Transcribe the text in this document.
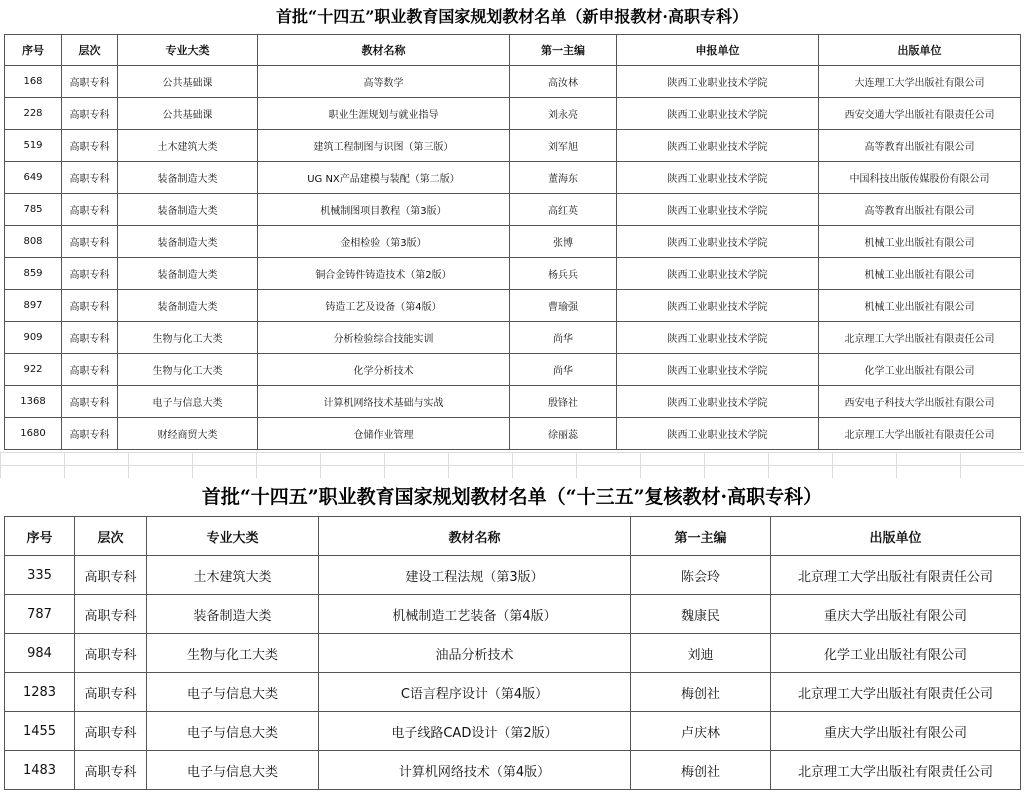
首批“十四五”职业教育国家规划教材名单（新申报教材·高职专科）
序号	层次	专业大类	教材名称	第一主编	申报单位	出版单位
168	高职专科	公共基础课	高等数学	高汝林	陕西工业职业技术学院	大连理工大学出版社有限公司
228	高职专科	公共基础课	职业生涯规划与就业指导	刘永亮	陕西工业职业技术学院	西安交通大学出版社有限责任公司
519	高职专科	土木建筑大类	建筑工程制图与识图（第三版）	刘军旭	陕西工业职业技术学院	高等教育出版社有限公司
649	高职专科	装备制造大类	UG NX产品建模与装配（第二版）	董海东	陕西工业职业技术学院	中国科技出版传媒股份有限公司
785	高职专科	装备制造大类	机械制图项目教程（第3版）	高红英	陕西工业职业技术学院	高等教育出版社有限公司
808	高职专科	装备制造大类	金相检验（第3版）	张博	陕西工业职业技术学院	机械工业出版社有限公司
859	高职专科	装备制造大类	铜合金铸件铸造技术（第2版）	杨兵兵	陕西工业职业技术学院	机械工业出版社有限公司
897	高职专科	装备制造大类	铸造工艺及设备（第4版）	曹瑜强	陕西工业职业技术学院	机械工业出版社有限公司
909	高职专科	生物与化工大类	分析检验综合技能实训	尚华	陕西工业职业技术学院	北京理工大学出版社有限责任公司
922	高职专科	生物与化工大类	化学分析技术	尚华	陕西工业职业技术学院	化学工业出版社有限公司
1368	高职专科	电子与信息大类	计算机网络技术基础与实战	殷锋社	陕西工业职业技术学院	西安电子科技大学出版社有限公司
1680	高职专科	财经商贸大类	仓储作业管理	徐丽蕊	陕西工业职业技术学院	北京理工大学出版社有限责任公司
首批“十四五”职业教育国家规划教材名单（“十三五”复核教材·高职专科）
序号	层次	专业大类	教材名称	第一主编	出版单位
335	高职专科	土木建筑大类	建设工程法规（第3版）	陈会玲	北京理工大学出版社有限责任公司
787	高职专科	装备制造大类	机械制造工艺装备（第4版）	魏康民	重庆大学出版社有限公司
984	高职专科	生物与化工大类	油品分析技术	刘迪	化学工业出版社有限公司
1283	高职专科	电子与信息大类	C语言程序设计（第4版）	梅创社	北京理工大学出版社有限责任公司
1455	高职专科	电子与信息大类	电子线路CAD设计（第2版）	卢庆林	重庆大学出版社有限公司
1483	高职专科	电子与信息大类	计算机网络技术（第4版）	梅创社	北京理工大学出版社有限责任公司
